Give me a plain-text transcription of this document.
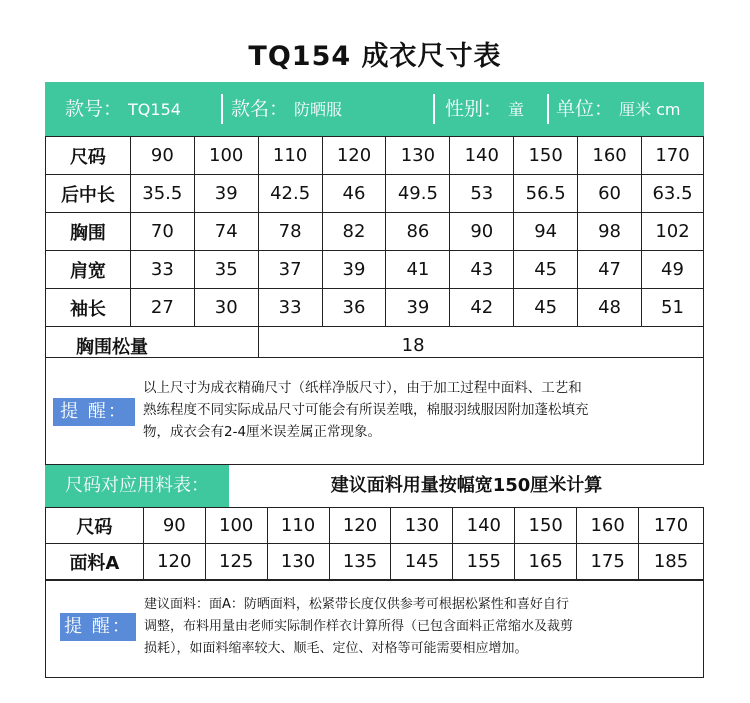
TQ154 成衣尺寸表
款号： TQ154	款名： 防晒服	性别： 童 单位： 厘米 cm
尺码	90	100	110	120	130	140	150	160	170
后中长	35.5	39	42.5	46	49.5	53	56.5	60	63.5
胸围	70	74	78	82	86	90	94	98	102
肩宽	33	35	37	39	41	43	45	47	49
袖长	27	30	33	36	39	42	45	48	51
胸围松量			18						
提 醒：
以上尺寸为成衣精确尺寸（纸样净版尺寸），由于加工过程中面料、工艺和
熟练程度不同实际成品尺寸可能会有所误差哦，棉服羽绒服因附加蓬松填充
物，成衣会有2-4厘米误差属正常现象。
尺码对应用料表：	建议面料用量按幅宽150厘米计算
尺码	90	100	110	120	130	140	150	160	170
面料A	120	125	130	135	145	155	165	175	185
提 醒：
建议面料：面A：防晒面料，松紧带长度仅供参考可根据松紧性和喜好自行
调整，布料用量由老师实际制作样衣计算所得（已包含面料正常缩水及裁剪
损耗），如面料缩率较大、顺毛、定位、对格等可能需要相应增加。
